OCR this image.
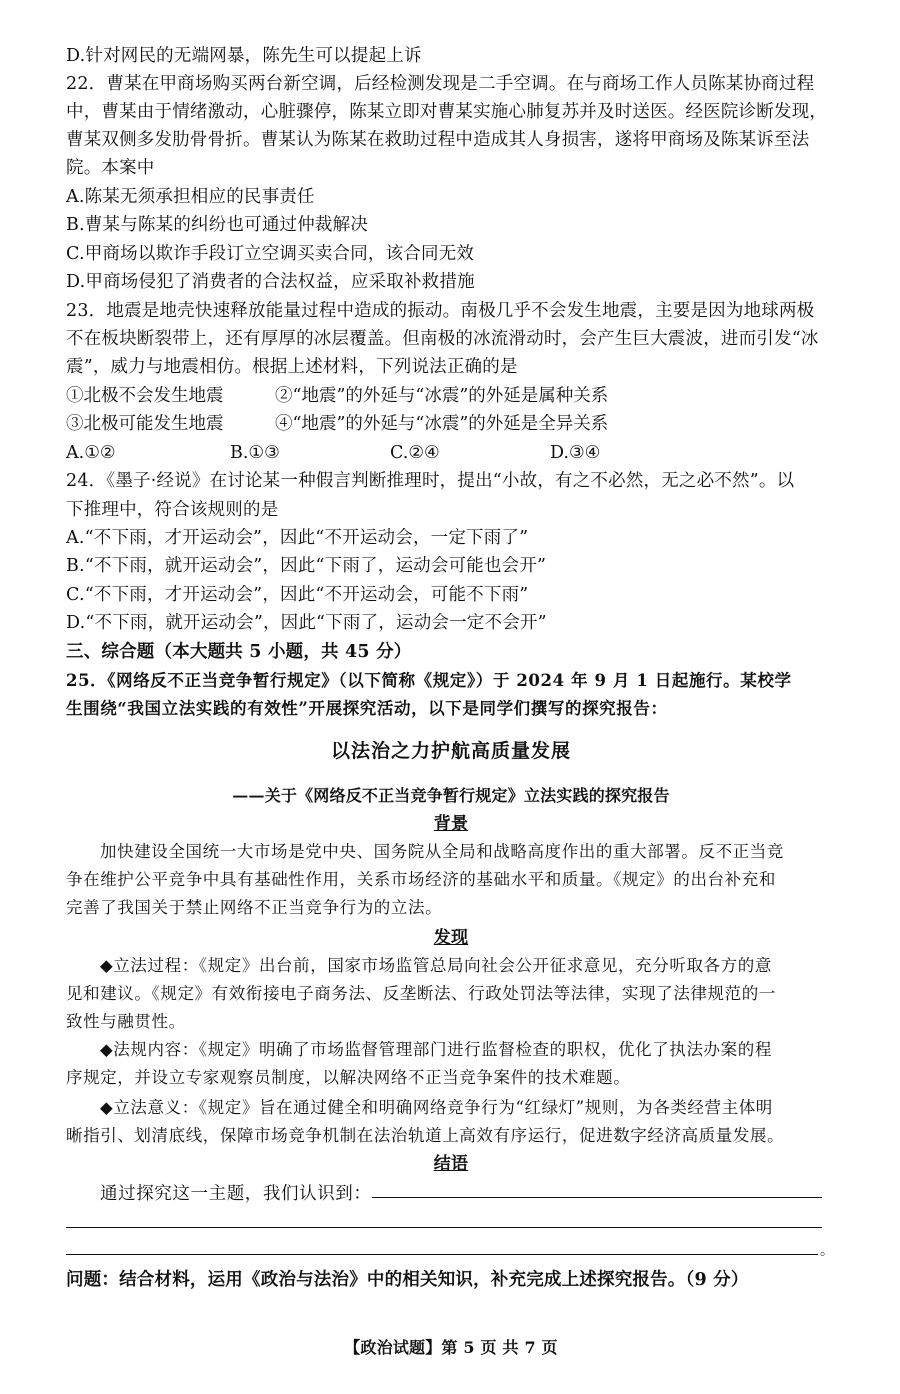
D.针对网民的无端网暴，陈先生可以提起上诉
22．曹某在甲商场购买两台新空调，后经检测发现是二手空调。在与商场工作人员陈某协商过程
中，曹某由于情绪激动，心脏骤停，陈某立即对曹某实施心肺复苏并及时送医。经医院诊断发现，
曹某双侧多发肋骨骨折。曹某认为陈某在救助过程中造成其人身损害，遂将甲商场及陈某诉至法
院。本案中
A.陈某无须承担相应的民事责任
B.曹某与陈某的纠纷也可通过仲裁解决
C.甲商场以欺诈手段订立空调买卖合同，该合同无效
D.甲商场侵犯了消费者的合法权益，应采取补救措施
23．地震是地壳快速释放能量过程中造成的振动。南极几乎不会发生地震，主要是因为地球两极
不在板块断裂带上，还有厚厚的冰层覆盖。但南极的冰流滑动时，会产生巨大震波，进而引发“冰
震”，威力与地震相仿。根据上述材料，下列说法正确的是
①北极不会发生地震	②“地震”的外延与“冰震”的外延是属种关系
③北极可能发生地震	④“地震”的外延与“冰震”的外延是全异关系
A.①②	B.①③	C.②④	D.③④
24．《墨子·经说》在讨论某一种假言判断推理时，提出“小故，有之不必然，无之必不然”。以
下推理中，符合该规则的是
A.“不下雨，才开运动会”，因此“不开运动会，一定下雨了”
B.“不下雨，就开运动会”，因此“下雨了，运动会可能也会开”
C.“不下雨，才开运动会”，因此“不开运动会，可能不下雨”
D.“不下雨，就开运动会”，因此“下雨了，运动会一定不会开”
三、综合题（本大题共 5 小题，共 45 分）
25．《网络反不正当竞争暂行规定》（以下简称《规定》）于 2024 年 9 月 1 日起施行。某校学
生围绕“我国立法实践的有效性”开展探究活动，以下是同学们撰写的探究报告：
以法治之力护航高质量发展
——关于《网络反不正当竞争暂行规定》立法实践的探究报告
背景
加快建设全国统一大市场是党中央、国务院从全局和战略高度作出的重大部署。反不正当竞
争在维护公平竞争中具有基础性作用，关系市场经济的基础水平和质量。《规定》的出台补充和
完善了我国关于禁止网络不正当竞争行为的立法。
发现
◆立法过程：《规定》出台前，国家市场监管总局向社会公开征求意见，充分听取各方的意
见和建议。《规定》有效衔接电子商务法、反垄断法、行政处罚法等法律，实现了法律规范的一
致性与融贯性。
◆法规内容：《规定》明确了市场监督管理部门进行监督检查的职权，优化了执法办案的程
序规定，并设立专家观察员制度，以解决网络不正当竞争案件的技术难题。
◆立法意义：《规定》旨在通过健全和明确网络竞争行为“红绿灯”规则，为各类经营主体明
晰指引、划清底线，保障市场竞争机制在法治轨道上高效有序运行，促进数字经济高质量发展。
结语
通过探究这一主题，我们认识到：
。
问题：结合材料，运用《政治与法治》中的相关知识，补充完成上述探究报告。（9 分）
【政治试题】第 5 页 共 7 页
